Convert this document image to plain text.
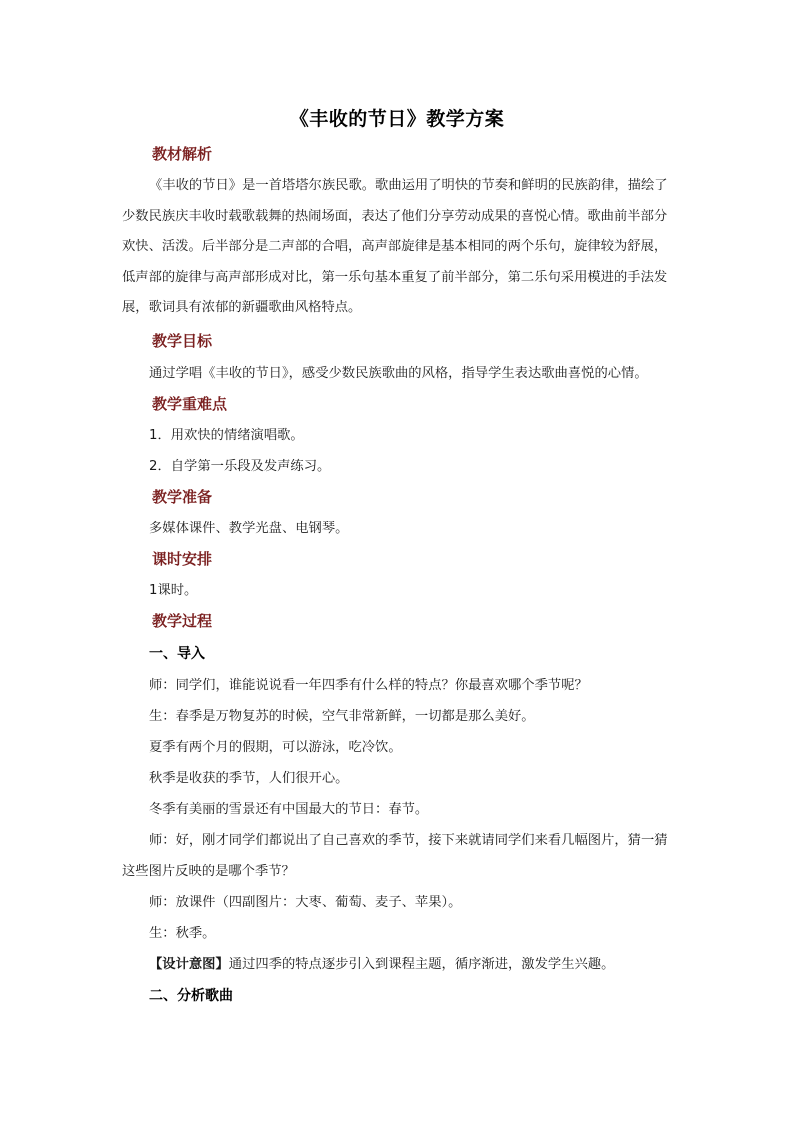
《丰收的节日》教学方案
教材解析

《丰收的节日》是一首塔塔尔族民歌。歌曲运用了明快的节奏和鲜明的民族韵律，描绘了少数民族庆丰收时载歌载舞的热闹场面，表达了他们分享劳动成果的喜悦心情。歌曲前半部分欢快、活泼。后半部分是二声部的合唱，高声部旋律是基本相同的两个乐句，旋律较为舒展，低声部的旋律与高声部形成对比，第一乐句基本重复了前半部分，第二乐句采用模进的手法发展，歌词具有浓郁的新疆歌曲风格特点。

教学目标

通过学唱《丰收的节日》，感受少数民族歌曲的风格，指导学生表达歌曲喜悦的心情。

教学重难点

1．用欢快的情绪演唱歌。

2．自学第一乐段及发声练习。

教学准备

多媒体课件、教学光盘、电钢琴。

课时安排

1课时。

教学过程
一、导入

师：同学们，谁能说说看一年四季有什么样的特点？你最喜欢哪个季节呢？

生：春季是万物复苏的时候，空气非常新鲜，一切都是那么美好。

夏季有两个月的假期，可以游泳，吃冷饮。

秋季是收获的季节，人们很开心。

冬季有美丽的雪景还有中国最大的节日：春节。

师：好，刚才同学们都说出了自己喜欢的季节，接下来就请同学们来看几幅图片，猜一猜这些图片反映的是哪个季节？

师：放课件（四副图片：大枣、葡萄、麦子、苹果）。

生：秋季。

【设计意图】通过四季的特点逐步引入到课程主题，循序渐进，激发学生兴趣。

二、分析歌曲
